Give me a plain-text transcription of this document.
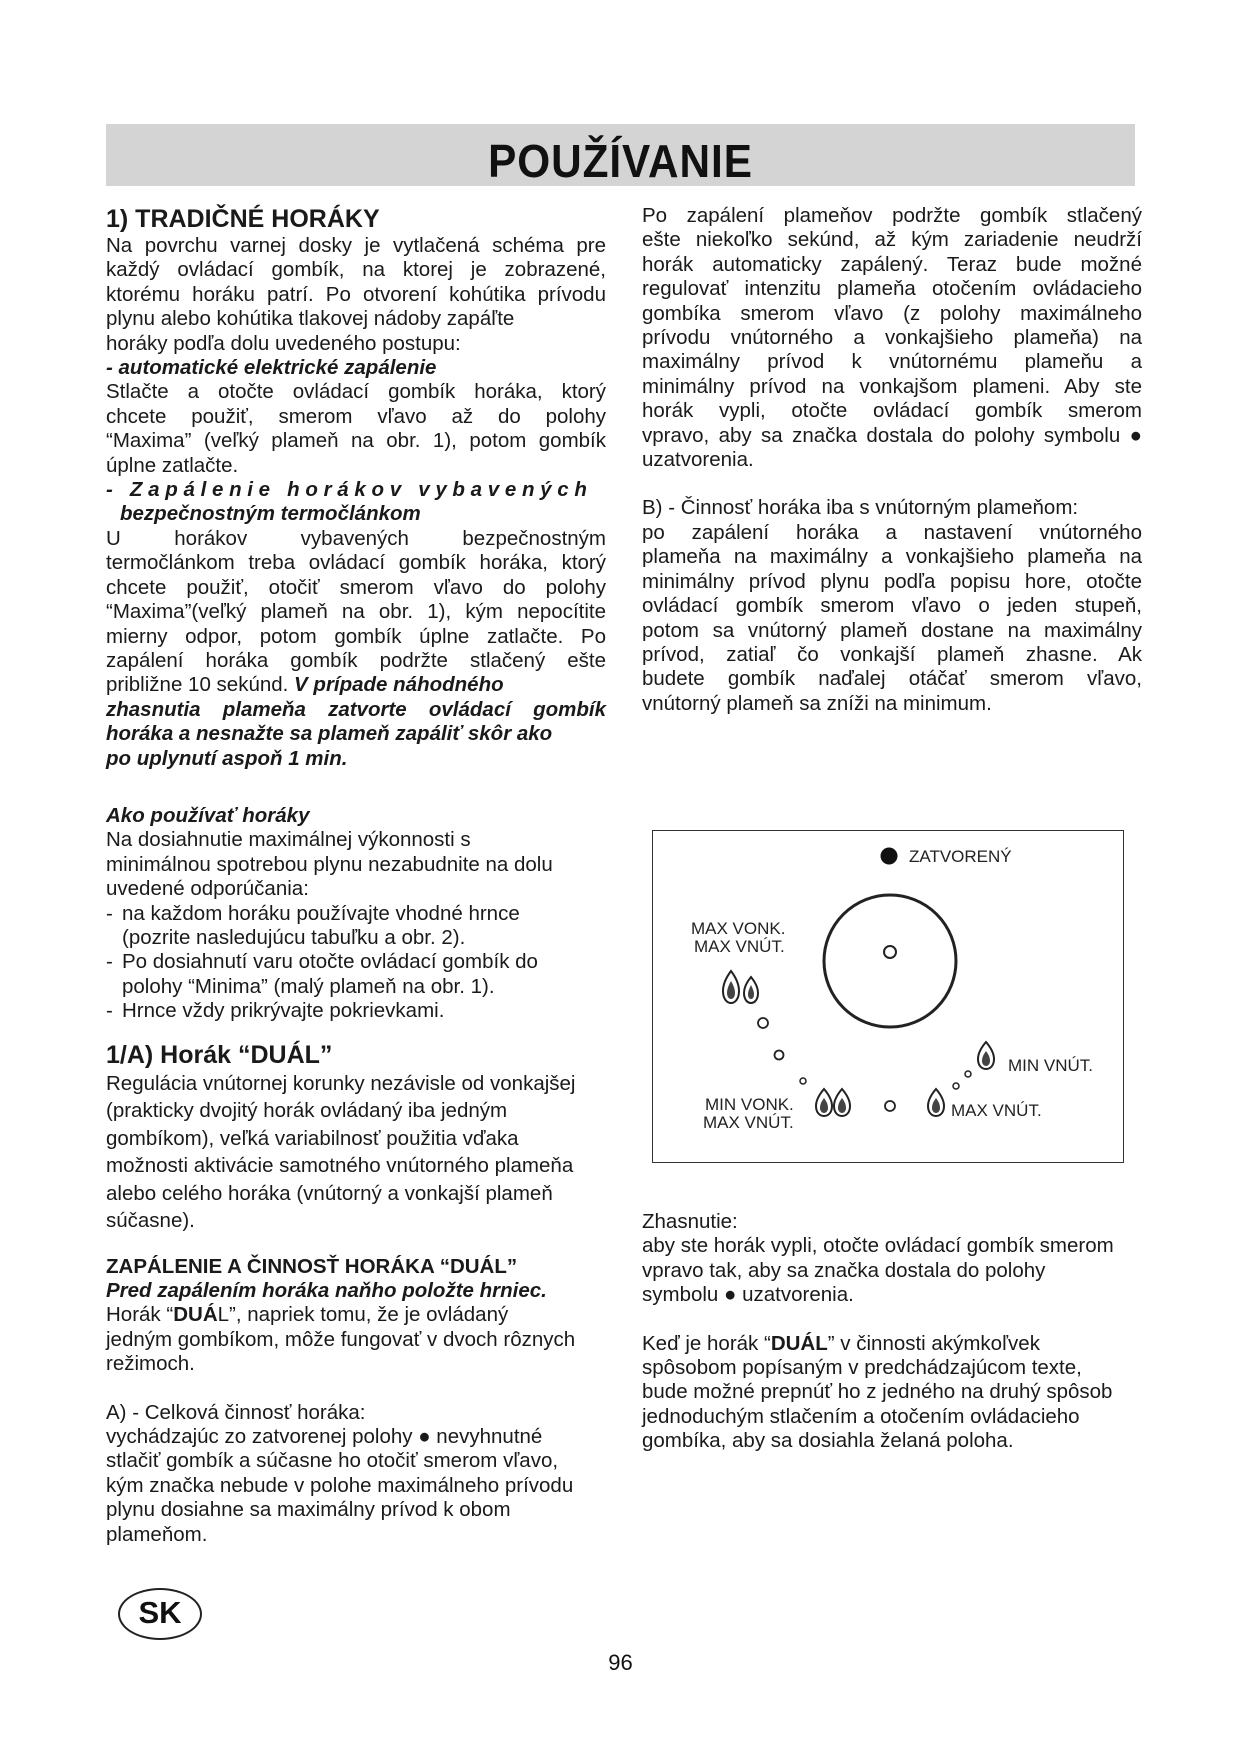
POUŽÍVANIE

1) TRADIČNÉ HORÁKY

Na povrchu varnej dosky je vytlačená schéma pre
každý ovládací gombík, na ktorej je zobrazené,
ktorému horáku patrí. Po otvorení kohútika prívodu
plynu alebo kohútika tlakovej nádoby zapáľte
horáky podľa dolu uvedeného postupu:

- automatické elektrické zapálenie

Stlačte a otočte ovládací gombík horáka, ktorý
chcete použiť, smerom vľavo až do polohy
“Maxima” (veľký plameň na obr. 1), potom gombík
úplne zatlačte.

- Zapálenie horákov vybavených

bezpečnostným termočlánkom

U horákov vybavených bezpečnostným
termočlánkom treba ovládací gombík horáka, ktorý
chcete použiť, otočiť smerom vľavo do polohy
“Maxima”(veľký plameň na obr. 1), kým nepocítite
mierny odpor, potom gombík úplne zatlačte. Po
zapálení horáka gombík podržte stlačený ešte
približne 10 sekúnd. V prípade náhodného
zhasnutia plameňa zatvorte ovládací gombík
horáka a nesnažte sa plameň zapáliť skôr ako
po uplynutí aspoň 1 min.

Ako používať horáky

Na dosiahnutie maximálnej výkonnosti s
minimálnou spotrebou plynu nezabudnite na dolu
uvedené odporúčania:

- na každom horáku používajte vhodné hrnce
(pozrite nasledujúcu tabuľku a obr. 2).
- Po dosiahnutí varu otočte ovládací gombík do
polohy “Minima” (malý plameň na obr. 1).
- Hrnce vždy prikrývajte pokrievkami.

1/A) Horák “DUÁL”

Regulácia vnútornej korunky nezávisle od vonkajšej
(prakticky dvojitý horák ovládaný iba jedným
gombíkom), veľká variabilnosť použitia vďaka
možnosti aktivácie samotného vnútorného plameňa
alebo celého horáka (vnútorný a vonkajší plameň
súčasne).

ZAPÁLENIE A ČINNOSŤ HORÁKA “DUÁL”

Pred zapálením horáka naňho položte hrniec.

Horák “DUÁL”, napriek tomu, že je ovládaný
jedným gombíkom, môže fungovať v dvoch rôznych
režimoch.

A) - Celková činnosť horáka:

vychádzajúc zo zatvorenej polohy ● nevyhnutné
stlačiť gombík a súčasne ho otočiť smerom vľavo,
kým značka nebude v polohe maximálneho prívodu
plynu dosiahne sa maximálny prívod k obom
plameňom.

Po zapálení plameňov podržte gombík stlačený
ešte niekoľko sekúnd, až kým zariadenie neudrží
horák automaticky zapálený. Teraz bude možné
regulovať intenzitu plameňa otočením ovládacieho
gombíka smerom vľavo (z polohy maximálneho
prívodu vnútorného a vonkajšieho plameňa) na
maximálny prívod k vnútornému plameňu a
minimálny prívod na vonkajšom plameni. Aby ste
horák vypli, otočte ovládací gombík smerom
vpravo, aby sa značka dostala do polohy symbolu ●
uzatvorenia.

B) - Činnosť horáka iba s vnútorným plameňom:
po zapálení horáka a nastavení vnútorného
plameňa na maximálny a vonkajšieho plameňa na
minimálny prívod plynu podľa popisu hore, otočte
ovládací gombík smerom vľavo o jeden stupeň,
potom sa vnútorný plameň dostane na maximálny
prívod, zatiaľ čo vonkajší plameň zhasne. Ak
budete gombík naďalej otáčať smerom vľavo,
vnútorný plameň sa zníži na minimum.

Zhasnutie:

aby ste horák vypli, otočte ovládací gombík smerom
vpravo tak, aby sa značka dostala do polohy
symbolu ● uzatvorenia.

Keď je horák “DUÁL” v činnosti akýmkoľvek
spôsobom popísaným v predchádzajúcom texte,
bude možné prepnúť ho z jedného na druhý spôsob
jednoduchým stlačením a otočením ovládacieho
gombíka, aby sa dosiahla želaná poloha.

ZATVORENÝ
MAX VONK.
MAX VNÚT.
MIN VNÚT.
MIN VONK.
MAX VNÚT.
MAX VNÚT.
SK
96
